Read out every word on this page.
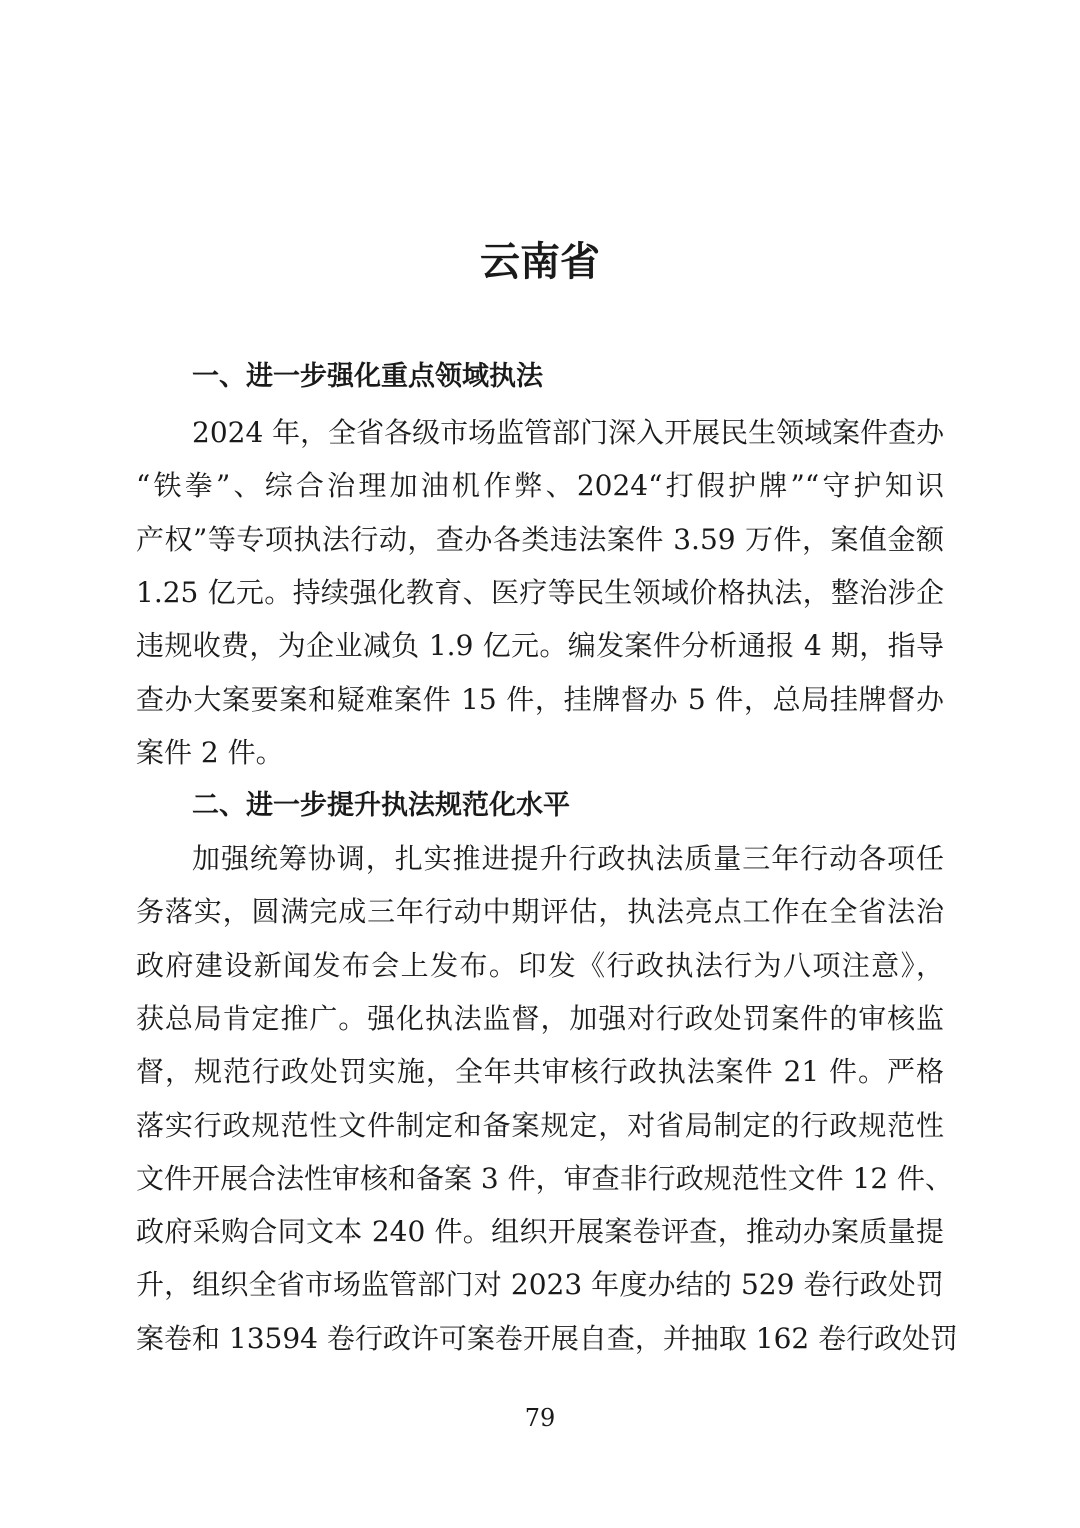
云南省
一、进一步强化重点领域执法
2024 年，全省各级市场监管部门深入开展民生领域案件查办
“铁拳”、综合治理加油机作弊、2024“打假护牌”“守护知识
产权”等专项执法行动，查办各类违法案件 3.59 万件，案值金额
1.25 亿元。持续强化教育、医疗等民生领域价格执法，整治涉企
违规收费，为企业减负 1.9 亿元。编发案件分析通报 4 期，指导
查办大案要案和疑难案件 15 件，挂牌督办 5 件，总局挂牌督办
案件 2 件。
二、进一步提升执法规范化水平
加强统筹协调，扎实推进提升行政执法质量三年行动各项任
务落实，圆满完成三年行动中期评估，执法亮点工作在全省法治
政府建设新闻发布会上发布。印发《行政执法行为八项注意》，
获总局肯定推广。强化执法监督，加强对行政处罚案件的审核监
督，规范行政处罚实施，全年共审核行政执法案件 21 件。严格
落实行政规范性文件制定和备案规定，对省局制定的行政规范性
文件开展合法性审核和备案 3 件，审查非行政规范性文件 12 件、
政府采购合同文本 240 件。组织开展案卷评查，推动办案质量提
升，组织全省市场监管部门对 2023 年度办结的 529 卷行政处罚
案卷和 13594 卷行政许可案卷开展自查，并抽取 162 卷行政处罚
79
